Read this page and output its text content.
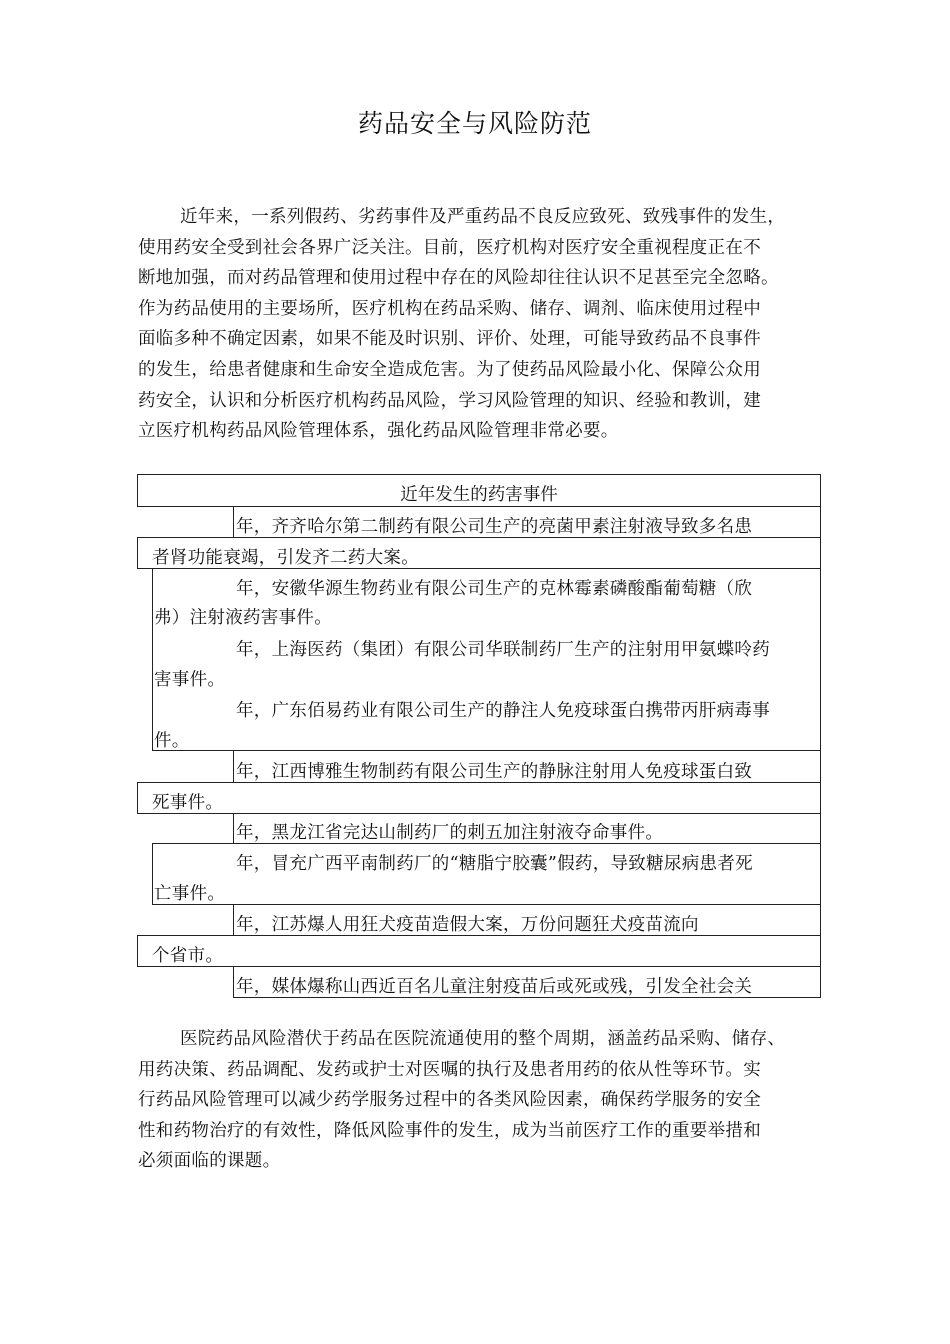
药品安全与风险防范
近年来，一系列假药、劣药事件及严重药品不良反应致死、致残事件的发生，
使用药安全受到社会各界广泛关注。目前，医疗机构对医疗安全重视程度正在不
断地加强，而对药品管理和使用过程中存在的风险却往往认识不足甚至完全忽略。
作为药品使用的主要场所，医疗机构在药品采购、储存、调剂、临床使用过程中
面临多种不确定因素，如果不能及时识别、评价、处理，可能导致药品不良事件
的发生，给患者健康和生命安全造成危害。为了使药品风险最小化、保障公众用
药安全，认识和分析医疗机构药品风险，学习风险管理的知识、经验和教训，建
立医疗机构药品风险管理体系，强化药品风险管理非常必要。
近年发生的药害事件
年，齐齐哈尔第二制药有限公司生产的亮菌甲素注射液导致多名患
者肾功能衰竭，引发齐二药大案。
年，安徽华源生物药业有限公司生产的克林霉素磷酸酯葡萄糖（欣
弗）注射液药害事件。
年，上海医药（集团）有限公司华联制药厂生产的注射用甲氨蝶呤药
害事件。
年，广东佰易药业有限公司生产的静注人免疫球蛋白携带丙肝病毒事
件。
年，江西博雅生物制药有限公司生产的静脉注射用人免疫球蛋白致
死事件。
年，黑龙江省完达山制药厂的刺五加注射液夺命事件。
年，冒充广西平南制药厂的“糖脂宁胶囊”假药，导致糖尿病患者死
亡事件。
年，江苏爆人用狂犬疫苗造假大案，万份问题狂犬疫苗流向
个省市。
年，媒体爆称山西近百名儿童注射疫苗后或死或残，引发全社会关
医院药品风险潜伏于药品在医院流通使用的整个周期，涵盖药品采购、储存、
用药决策、药品调配、发药或护士对医嘱的执行及患者用药的依从性等环节。实
行药品风险管理可以减少药学服务过程中的各类风险因素，确保药学服务的安全
性和药物治疗的有效性，降低风险事件的发生，成为当前医疗工作的重要举措和
必须面临的课题。
